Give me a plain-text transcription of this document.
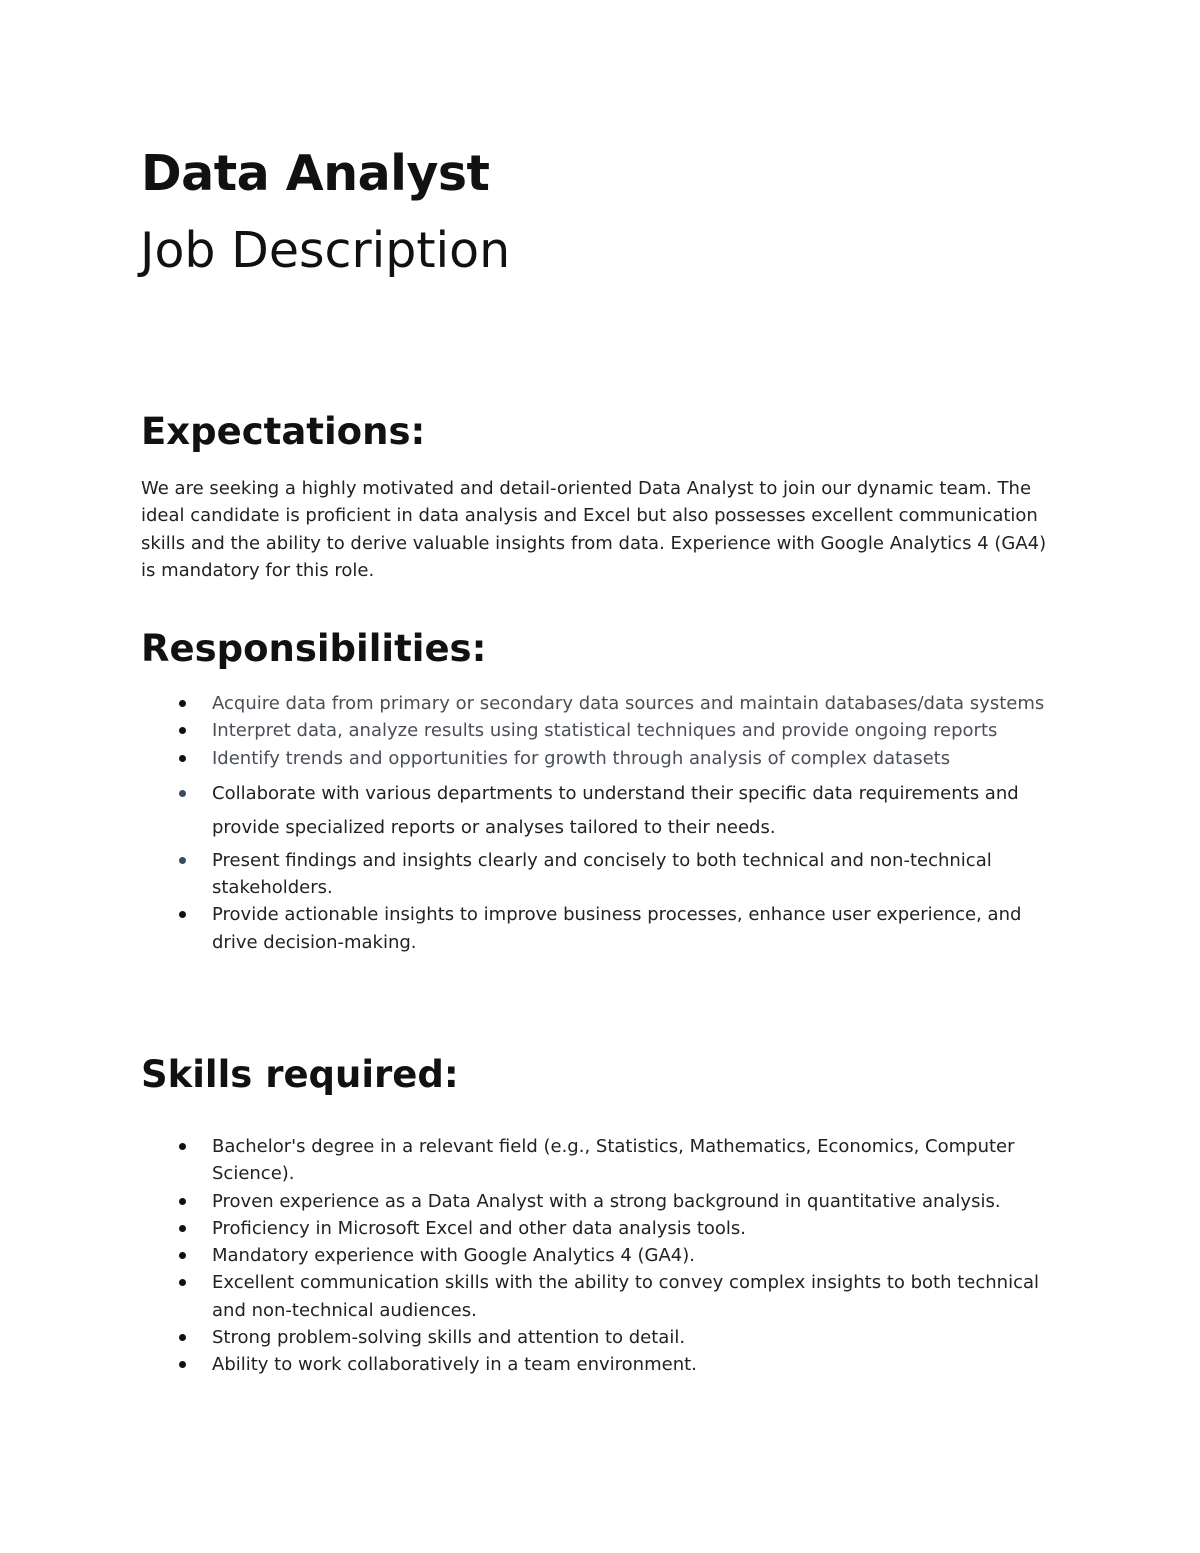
Data Analyst
Job Description
Expectations:

We are seeking a highly motivated and detail-oriented Data Analyst to join our dynamic team. The ideal candidate is proficient in data analysis and Excel but also possesses excellent communication skills and the ability to derive valuable insights from data. Experience with Google Analytics 4 (GA4) is mandatory for this role.

Responsibilities:
Acquire data from primary or secondary data sources and maintain databases/data systems
Interpret data, analyze results using statistical techniques and provide ongoing reports
Identify trends and opportunities for growth through analysis of complex datasets
Collaborate with various departments to understand their specific data requirements and provide specialized reports or analyses tailored to their needs.
Present findings and insights clearly and concisely to both technical and non-technical stakeholders.
Provide actionable insights to improve business processes, enhance user experience, and drive decision-making.
Skills required:
Bachelor's degree in a relevant field (e.g., Statistics, Mathematics, Economics, Computer Science).
Proven experience as a Data Analyst with a strong background in quantitative analysis.
Proficiency in Microsoft Excel and other data analysis tools.
Mandatory experience with Google Analytics 4 (GA4).
Excellent communication skills with the ability to convey complex insights to both technical and non-technical audiences.
Strong problem-solving skills and attention to detail.
Ability to work collaboratively in a team environment.
